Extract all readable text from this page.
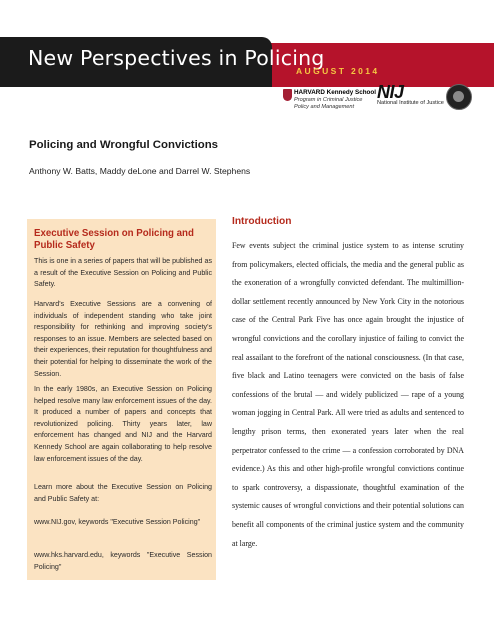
New Perspectives in Policing
AUGUST 2014
HARVARD Kennedy School
Program in Criminal Justice Policy and Management
NIJ
National Institute of Justice
Policing and Wrongful Convictions
Anthony W. Batts, Maddy deLone and Darrel W. Stephens
Executive Session on Policing and Public Safety
This is one in a series of papers that will be published as a result of the Executive Session on Policing and Public Safety.
Harvard's Executive Sessions are a convening of individuals of independent standing who take joint responsibility for rethinking and improving society's responses to an issue. Members are selected based on their experiences, their reputation for thoughtfulness and their potential for helping to disseminate the work of the Session.
In the early 1980s, an Executive Session on Policing helped resolve many law enforcement issues of the day. It produced a number of papers and concepts that revolutionized policing. Thirty years later, law enforcement has changed and NIJ and the Harvard Kennedy School are again collaborating to help resolve law enforcement issues of the day.
Learn more about the Executive Session on Policing and Public Safety at:
www.NIJ.gov, keywords "Executive Session Policing"
www.hks.harvard.edu, keywords "Executive Session Policing"
Introduction

Few events subject the criminal justice system to as intense scrutiny from policymakers, elected officials, the media and the general public as the exoneration of a wrongfully convicted defendant. The multimillion-dollar settlement recently announced by New York City in the notorious case of the Central Park Five has once again brought the injustice of wrongful convictions and the corollary injustice of failing to convict the real assailant to the forefront of the national consciousness. (In that case, five black and Latino teenagers were convicted on the basis of false confessions of the brutal — and widely publicized — rape of a young woman jogging in Central Park. All were tried as adults and sentenced to lengthy prison terms, then exonerated years later when the real perpetrator confessed to the crime — a confession corroborated by DNA evidence.) As this and other high-profile wrongful convictions continue to spark controversy, a dispassionate, thoughtful examination of the systemic causes of wrongful convictions and their potential solutions can benefit all components of the criminal justice system and the community at large.
